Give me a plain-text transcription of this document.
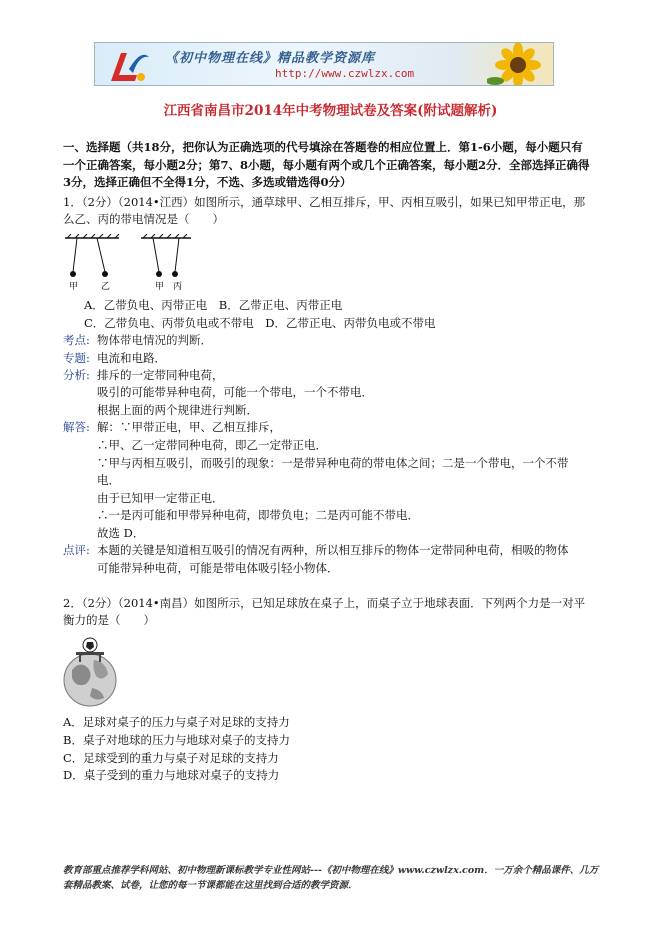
《初中物理在线》精品教学资源库
http://www.czwlzx.com
江西省南昌市2014年中考物理试卷及答案(附试题解析)
一、选择题（共18分，把你认为正确选项的代号填涂在答题卷的相应位置上．第1-6小题，每小题只有一个正确答案，每小题2分；第7、8小题，每小题有两个或几个正确答案，每小题2分．全部选择正确得3分，选择正确但不全得1分，不选、多选或错选得0分）
1．（2分）（2014•江西）如图所示，通草球甲、乙相互排斥，甲、丙相互吸引，如果已知甲带正电，那
么乙、丙的带电情况是（　　）
甲	乙	甲 丙
A．乙带负电、丙带正电　B．乙带正电、丙带正电
C．乙带负电、丙带负电或不带电　D．乙带正电、丙带负电或不带电
考点: 物体带电情况的判断．
专题: 电流和电路．
分析: 排斥的一定带同种电荷，
吸引的可能带异种电荷，可能一个带电，一个不带电．
根据上面的两个规律进行判断．
解答: 解：∵甲带正电，甲、乙相互排斥，
∴甲、乙一定带同种电荷，即乙一定带正电．
∵甲与丙相互吸引，而吸引的现象：一是带异种电荷的带电体之间；二是一个带电，一个不带
电．
由于已知甲一定带正电．
∴一是丙可能和甲带异种电荷，即带负电；二是丙可能不带电．
故选 D．
点评: 本题的关键是知道相互吸引的情况有两种，所以相互排斥的物体一定带同种电荷，相吸的物体
可能带异种电荷，可能是带电体吸引轻小物体．
2．（2分）（2014•南昌）如图所示，已知足球放在桌子上，而桌子立于地球表面．下列两个力是一对平
衡力的是（　　）
A．足球对桌子的压力与桌子对足球的支持力
B．桌子对地球的压力与地球对桌子的支持力
C．足球受到的重力与桌子对足球的支持力
D．桌子受到的重力与地球对桌子的支持力
教育部重点推荐学科网站、初中物理新课标教学专业性网站---《初中物理在线》www.czwlzx.com．一万余个精品课件、几万套精品教案、试卷，让您的每一节课都能在这里找到合适的教学资源．
